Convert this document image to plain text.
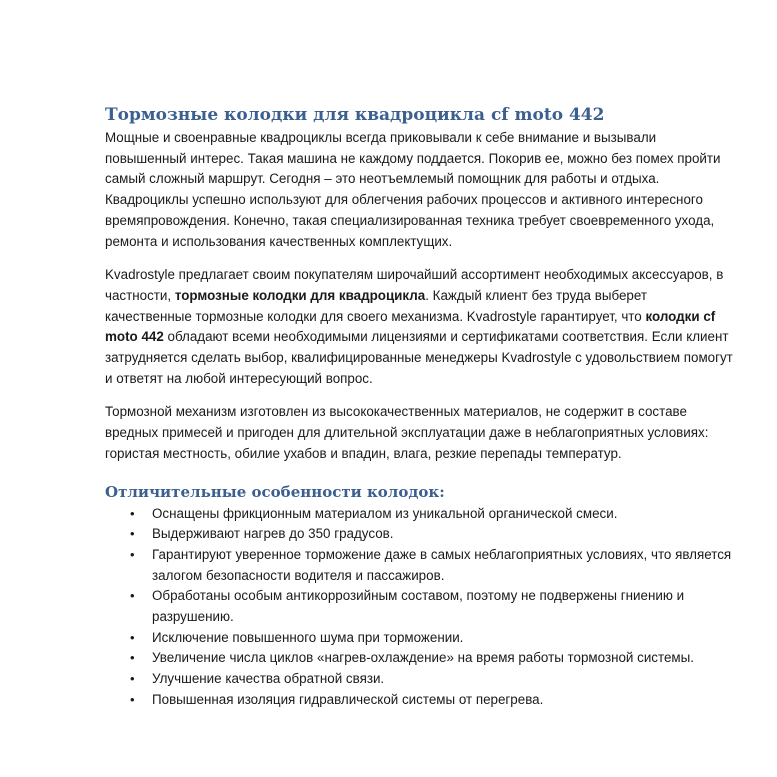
Тормозные колодки для квадроцикла cf moto 442

Мощные и своенравные квадроциклы всегда приковывали к себе внимание и вызывали повышенный интерес. Такая машина не каждому поддается. Покорив ее, можно без помех пройти самый сложный маршрут. Сегодня – это неотъемлемый помощник для работы и отдыха. Квадроциклы успешно используют для облегчения рабочих процессов и активного интересного времяпровождения. Конечно, такая специализированная техника требует своевременного ухода, ремонта и использования качественных комплектущих.

Kvadrostyle предлагает своим покупателям широчайший ассортимент необходимых аксессуаров, в частности, тормозные колодки для квадроцикла. Каждый клиент без труда выберет качественные тормозные колодки для своего механизма. Kvadrostyle гарантирует, что колодки cf moto 442 обладают всеми необходимыми лицензиями и сертификатами соответствия. Если клиент затрудняется сделать выбор, квалифицированные менеджеры Kvadrostyle с удовольствием помогут и ответят на любой интересующий вопрос.

Тормозной механизм изготовлен из высококачественных материалов, не содержит в составе вредных примесей и пригоден для длительной эксплуатации даже в неблагоприятных условиях: гористая местность, обилие ухабов и впадин, влага, резкие перепады температур.

Отличительные особенности колодок:
• Оснащены фрикционным материалом из уникальной органической смеси.
• Выдерживают нагрев до 350 градусов.
• Гарантируют уверенное торможение даже в самых неблагоприятных условиях, что является залогом безопасности водителя и пассажиров.
• Обработаны особым антикоррозийным составом, поэтому не подвержены гниению и разрушению.
• Исключение повышенного шума при торможении.
• Увеличение числа циклов «нагрев-охлаждение» на время работы тормозной системы.
• Улучшение качества обратной связи.
• Повышенная изоляция гидравлической системы от перегрева.
